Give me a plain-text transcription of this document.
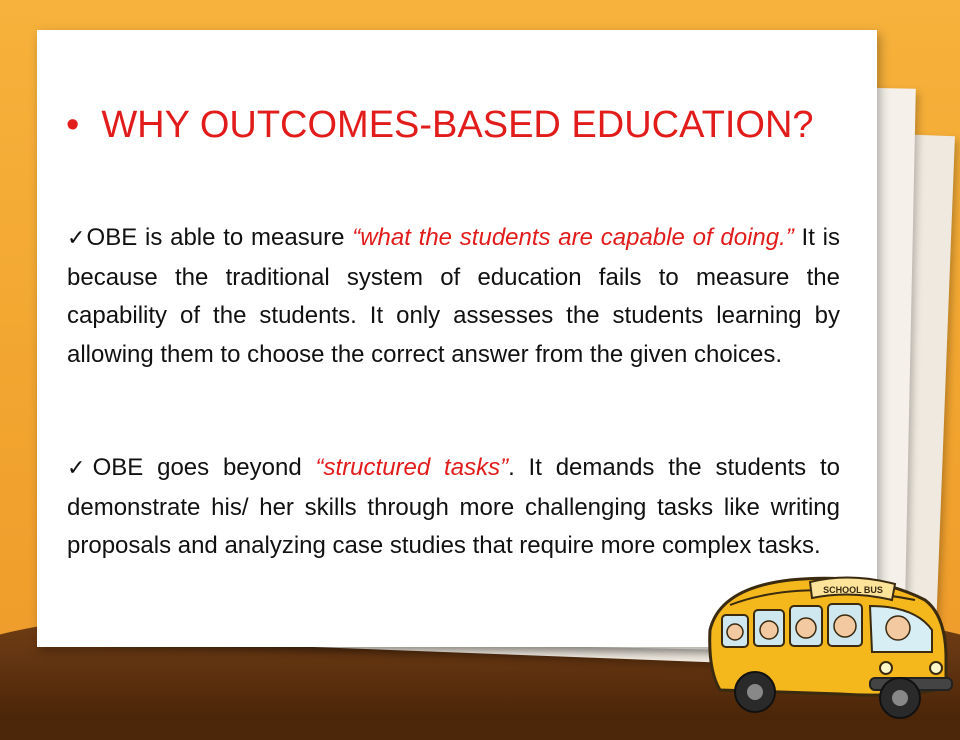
• WHY OUTCOMES-BASED EDUCATION?
✓OBE is able to measure “what the students are capable of doing.” It is because the traditional system of education fails to measure the capability of the students. It only assesses the students learning by allowing them to choose the correct answer from the given choices.
✓OBE goes beyond “structured tasks”. It demands the students to demonstrate his/ her skills through more challenging tasks like writing proposals and analyzing case studies that require more complex tasks.
SCHOOL BUS
